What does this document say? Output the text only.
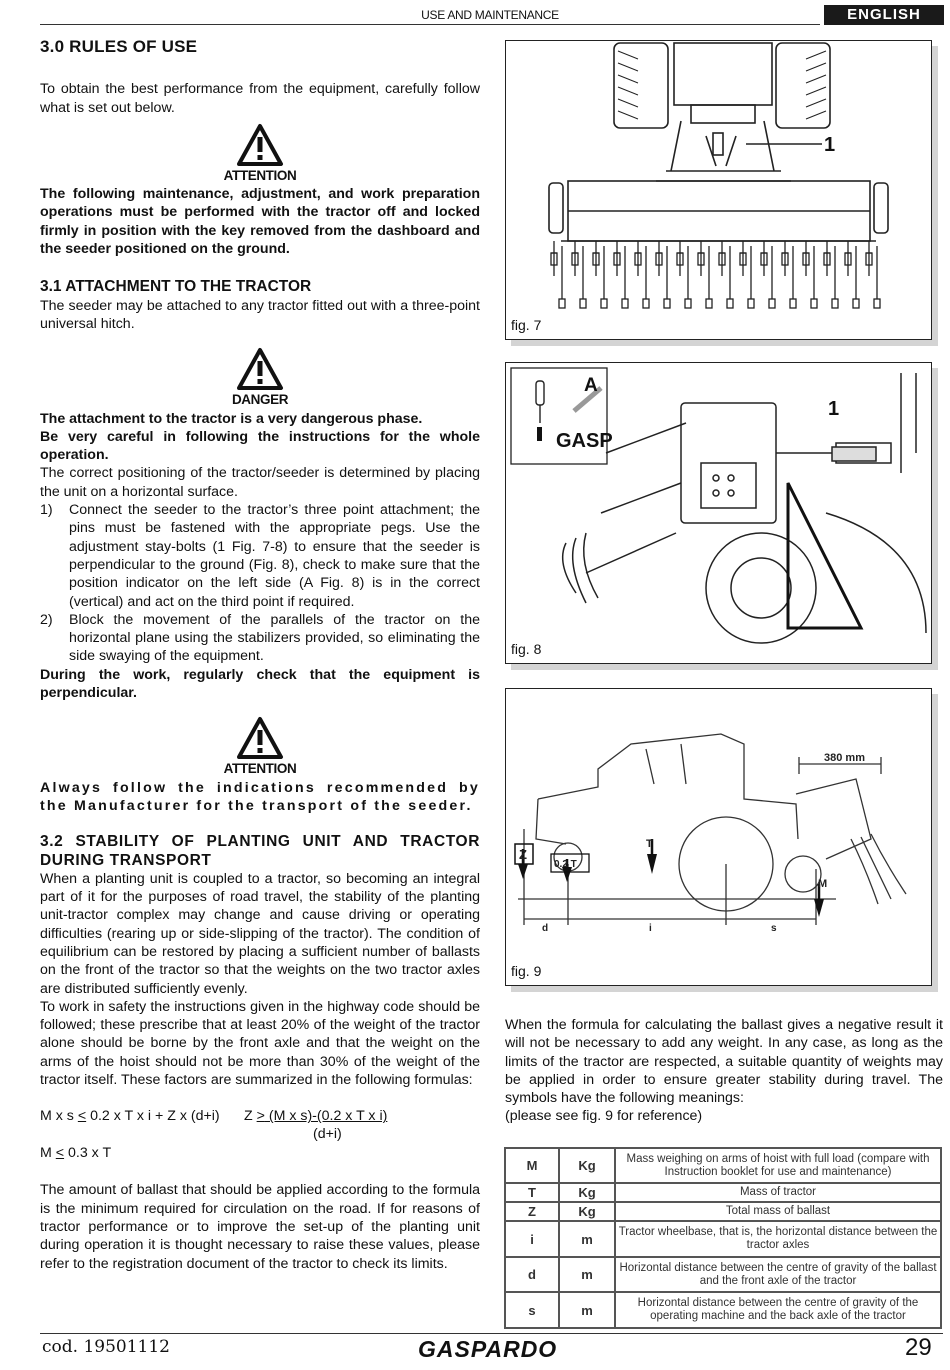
USE AND MAINTENANCE	ENGLISH
3.0 RULES OF USE

To obtain the best performance from the equipment, carefully follow what is set out below.

ATTENTION

The following maintenance, adjustment, and work preparation operations must be performed with the tractor off and locked firmly in position with the key removed from the dashboard and the seeder positioned on the ground.

3.1 ATTACHMENT TO THE TRACTOR

The seeder may be attached to any tractor fitted out with a three-point universal hitch.

DANGER

The attachment to the tractor is a very dangerous phase.

Be very careful in following the instructions for the whole operation.

The correct positioning of the tractor/seeder is determined by placing the unit on a horizontal surface.

1)	Connect the seeder to the tractor’s three point attachment; the pins must be fastened with the appropriate pegs. Use the adjustment stay-bolts (1 Fig. 7-8) to ensure that the seeder is perpendicular to the ground (Fig. 8), check to make sure that the position indicator on the left side (A Fig. 8) is in the correct (vertical) and act on the third point if required.
2)	Block the movement of the parallels of the tractor on the horizontal plane using the stabilizers provided, so eliminating the side swaying of the equipment.

During the work, regularly check that the equipment is perpendicular.

ATTENTION

Always follow the indications recommended by the Manufacturer for the transport of the seeder.

3.2 STABILITY OF PLANTING UNIT AND TRACTOR DURING TRANSPORT

When a planting unit is coupled to a tractor, so becoming an integral part of it for the purposes of road travel, the stability of the planting unit-tractor complex may change and cause driving or operating difficulties (rearing up or side-slipping of the tractor). The condition of equilibrium can be restored by placing a sufficient number of ballasts on the front of the tractor so that the weights on the two tractor axles are distributed sufficiently evenly.

To work in safety the instructions given in the highway code should be followed; these prescribe that at least 20% of the weight of the tractor alone should be borne by the front axle and that the weight on the arms of the hoist should not be more than 30% of the weight of the tractor itself. These factors are summarized in the following formulas:

M x s < 0.2 x T x i + Z x (d+i) Z > (M x s)-(0.2 x T x i)
(d+i)
M < 0.3 x T

The amount of ballast that should be applied according to the formula is the minimum required for circulation on the road. If for reasons of tractor performance or to improve the set-up of the planting unit during operation it is thought necessary to raise these values, please refer to the registration document of the tractor to check its limits.

1
fig. 7
GASP
A
1
fig. 8
Z
0.2 T
T
M
d	i	s
380 mm
fig. 9

When the formula for calculating the ballast gives a negative result it will not be necessary to add any weight. In any case, as long as the limits of the tractor are respected, a suitable quantity of weights may be applied in order to ensure greater stability during travel. The symbols have the following meanings:

(please see fig. 9 for reference)

M	Kg	Mass weighing on arms of hoist with full load (compare with Instruction booklet for use and maintenance)
T	Kg	Mass of tractor
Z	Kg	Total mass of ballast
i	m	Tractor wheelbase, that is, the horizontal distance between the tractor axles
d	m	Horizontal distance between the centre of gravity of the ballast and the front axle of the tractor
s	m	Horizontal distance between the centre of gravity of the operating machine and the back axle of the tractor
cod. 19501112	GASPARDO	29
